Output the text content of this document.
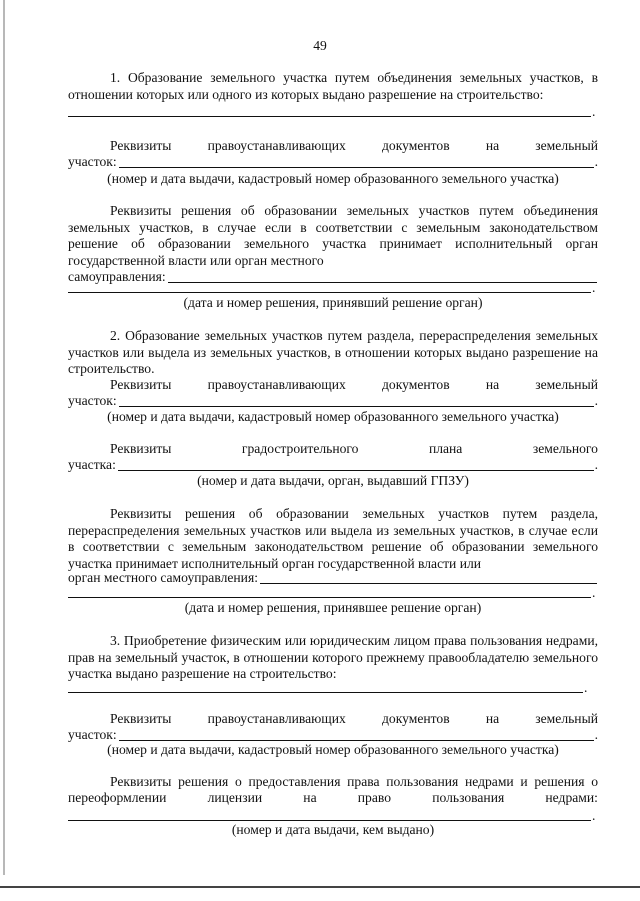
49
1. Образование земельного участка путем объединения земельных участков, в отношении которых или одного из которых выдано разрешение на строительство:
.
Реквизиты	правоустанавливающих	документов	на	земельный
участок:	.
(номер и дата выдачи, кадастровый номер образованного земельного участка)
Реквизиты решения об образовании земельных участков путем объединения земельных участков, в случае если в соответствии с земельным законодательством решение об образовании земельного участка принимает исполнительный орган государственной власти или орган местного
самоуправления:
.
(дата и номер решения, принявший решение орган)
2. Образование земельных участков путем раздела, перераспределения земельных участков или выдела из земельных участков, в отношении которых выдано разрешение на строительство.
Реквизиты	правоустанавливающих	документов	на	земельный
участок:	.
(номер и дата выдачи, кадастровый номер образованного земельного участка)
Реквизиты	градостроительного	плана	земельного
участка:	.
(номер и дата выдачи, орган, выдавший ГПЗУ)
Реквизиты решения об образовании земельных участков путем раздела, перераспределения земельных участков или выдела из земельных участков, в случае если в соответствии с земельным законодательством решение об образовании земельного участка принимает исполнительный орган государственной власти или
орган местного самоуправления:
.
(дата и номер решения, принявшее решение орган)
3. Приобретение физическим или юридическим лицом права пользования недрами, прав на земельный участок, в отношении которого прежнему правообладателю земельного участка выдано разрешение на строительство:
.
Реквизиты	правоустанавливающих	документов	на	земельный
участок:	.
(номер и дата выдачи, кадастровый номер образованного земельного участка)
Реквизиты решения о предоставления права пользования недрами и решения о
переоформлении	лицензии	на	право	пользования	недрами:
.
(номер и дата выдачи, кем выдано)
